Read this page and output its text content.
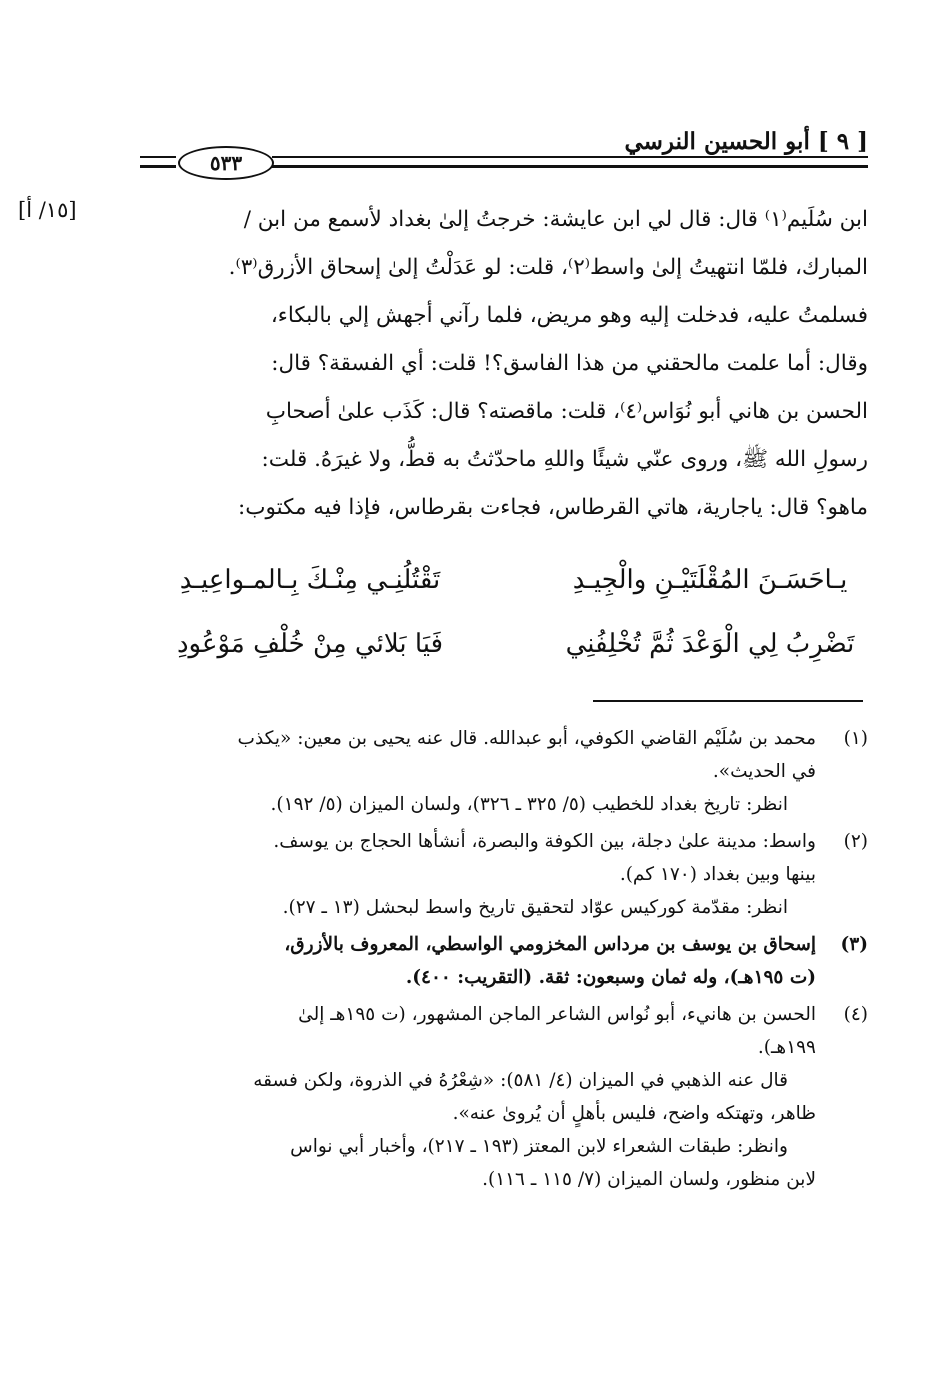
[ ٩ ] أبو الحسين النرسي
٥٣٣
[١٥/ أ]	ابن سُلَيم⁽١⁾ قال: قال لي ابن عايشة: خرجتُ إلىٰ بغداد لأسمع من ابن /
المبارك، فلمّا انتهيتُ إلىٰ واسط⁽٢⁾، قلت: لو عَدَلْتُ إلىٰ إسحاق الأزرق⁽٣⁾.
فسلمتُ عليه، فدخلت إليه وهو مريض، فلما رآني أجهش إلي بالبكاء،
وقال: أما علمت مالحقني من هذا الفاسق؟! قلت: أي الفسقة؟ قال:
الحسن بن هاني أبو نُوَاس⁽٤⁾، قلت: ماقصته؟ قال: كَذَب علىٰ أصحابِ
رسولِ الله ﷺ، وروى عنّي شيئًا واللهِ ماحدّثتُ به قطُّ، ولا غيرَهُ. قلت:
ماهو؟ قال: ياجارية، هاتي القرطاس، فجاءت بقرطاس، فإذا فيه مكتوب:
يـاحَسَـنَ المُقْلَتَيْـنِ والْجِيـدِ
تَقْتُلُنِـي مِنْـكَ بِـالمـواعِيـدِ
تَضْرِبُ لِي الْوَعْدَ ثُمَّ تُخْلِفُنِي
فَيَا بَلائي مِنْ خُلْفِ مَوْعُودِ
(١)
محمد بن سُلَيْم القاضي الكوفي، أبو عبدالله. قال عنه يحيى بن معين: «يكذب
في الحديث».
انظر: تاريخ بغداد للخطيب (٥/ ٣٢٥ ـ ٣٢٦)، ولسان الميزان (٥/ ١٩٢).
(٢)
واسط: مدينة علىٰ دجلة، بين الكوفة والبصرة، أنشأها الحجاج بن يوسف.
بينها وبين بغداد (١٧٠ كم).
انظر: مقدّمة كوركيس عوّاد لتحقيق تاريخ واسط لبحشل (١٣ ـ ٢٧).
(٣)
إسحاق بن يوسف بن مرداس المخزومي الواسطي، المعروف بالأزرق،
(ت ١٩٥هـ)، وله ثمان وسبعون: ثقة. (التقريب: ٤٠٠).
(٤)
الحسن بن هانيء، أبو نُواس الشاعر الماجن المشهور، (ت ١٩٥هـ إلىٰ
١٩٩هـ).
قال عنه الذهبي في الميزان (٤/ ٥٨١): «شِعْرُهُ في الذروة، ولكن فسقه
ظاهر، وتهتكه واضح، فليس بأهلٍ أن يُروىٰ عنه».
وانظر: طبقات الشعراء لابن المعتز (١٩٣ ـ ٢١٧)، وأخبار أبي نواس
لابن منظور، ولسان الميزان (٧/ ١١٥ ـ ١١٦).
